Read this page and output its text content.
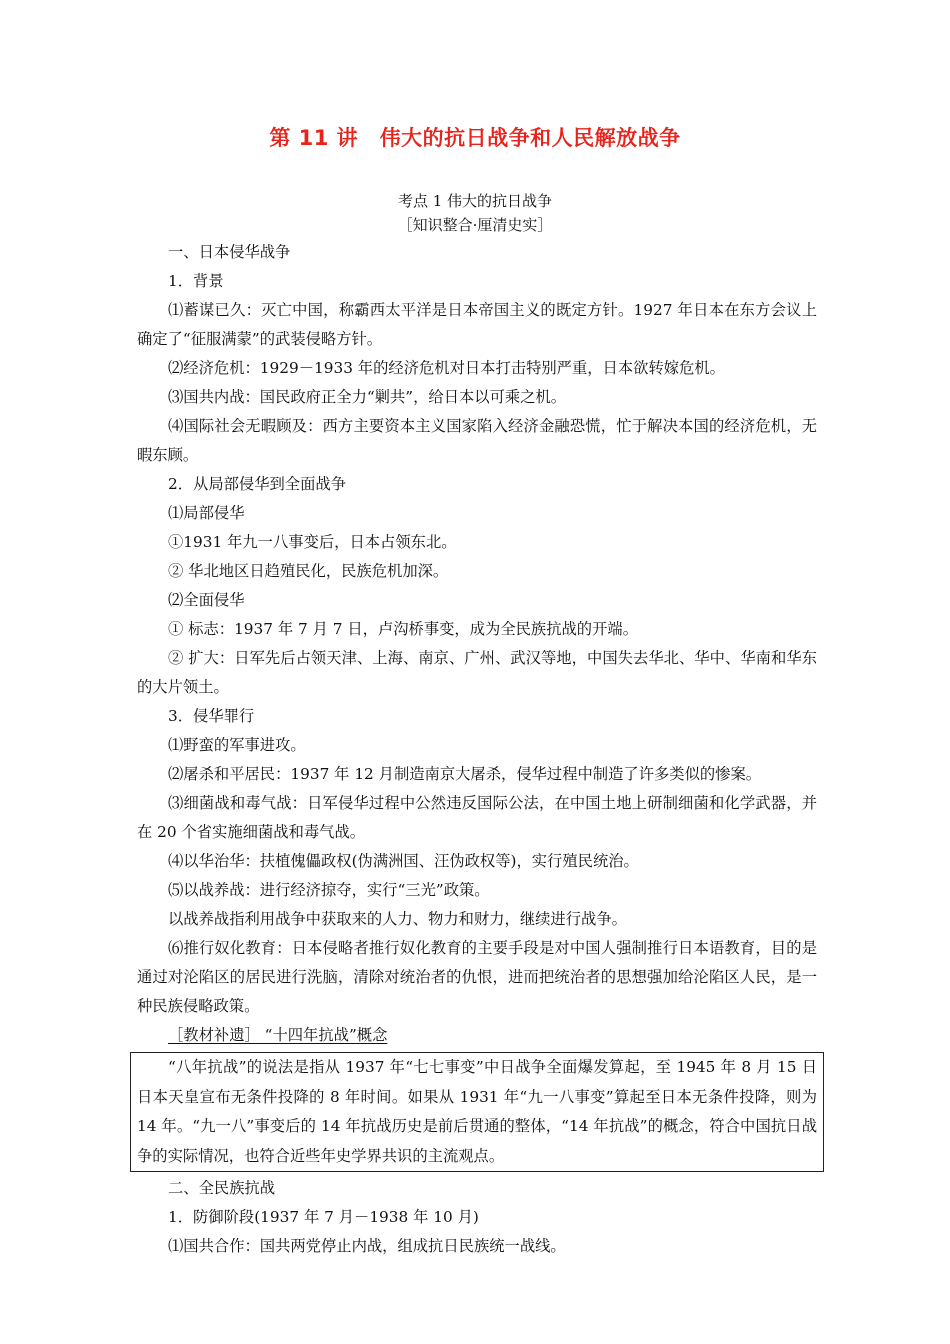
第 11 讲　伟大的抗日战争和人民解放战争
考点 1 伟大的抗日战争
［知识整合·厘清史实］

一、日本侵华战争

1．背景

⑴蓄谋已久：灭亡中国，称霸西太平洋是日本帝国主义的既定方针。1927 年日本在东方会议上确定了“征服满蒙”的武装侵略方针。

⑵经济危机：1929－1933 年的经济危机对日本打击特别严重，日本欲转嫁危机。

⑶国共内战：国民政府正全力“剿共”，给日本以可乘之机。

⑷国际社会无暇顾及：西方主要资本主义国家陷入经济金融恐慌，忙于解决本国的经济危机，无暇东顾。

2．从局部侵华到全面战争

⑴局部侵华

①1931 年九一八事变后，日本占领东北。

② 华北地区日趋殖民化，民族危机加深。

⑵全面侵华

① 标志：1937 年 7 月 7 日，卢沟桥事变，成为全民族抗战的开端。

② 扩大：日军先后占领天津、上海、南京、广州、武汉等地，中国失去华北、华中、华南和华东的大片领土。

3．侵华罪行

⑴野蛮的军事进攻。

⑵屠杀和平居民：1937 年 12 月制造南京大屠杀，侵华过程中制造了许多类似的惨案。

⑶细菌战和毒气战：日军侵华过程中公然违反国际公法，在中国土地上研制细菌和化学武器，并在 20 个省实施细菌战和毒气战。

⑷以华治华：扶植傀儡政权(伪满洲国、汪伪政权等)，实行殖民统治。

⑸以战养战：进行经济掠夺，实行“三光”政策。

以战养战指利用战争中获取来的人力、物力和财力，继续进行战争。

⑹推行奴化教育：日本侵略者推行奴化教育的主要手段是对中国人强制推行日本语教育，目的是通过对沦陷区的居民进行洗脑，清除对统治者的仇恨，进而把统治者的思想强加给沦陷区人民，是一种民族侵略政策。

［教材补遗］ “十四年抗战”概念

“八年抗战”的说法是指从 1937 年“七七事变”中日战争全面爆发算起，至 1945 年 8 月 15 日日本天皇宣布无条件投降的 8 年时间。如果从 1931 年“九一八事变”算起至日本无条件投降，则为 14 年。“九一八”事变后的 14 年抗战历史是前后贯通的整体，“14 年抗战”的概念，符合中国抗日战争的实际情况，也符合近些年史学界共识的主流观点。

二、全民族抗战

1．防御阶段(1937 年 7 月－1938 年 10 月)

⑴国共合作：国共两党停止内战，组成抗日民族统一战线。
